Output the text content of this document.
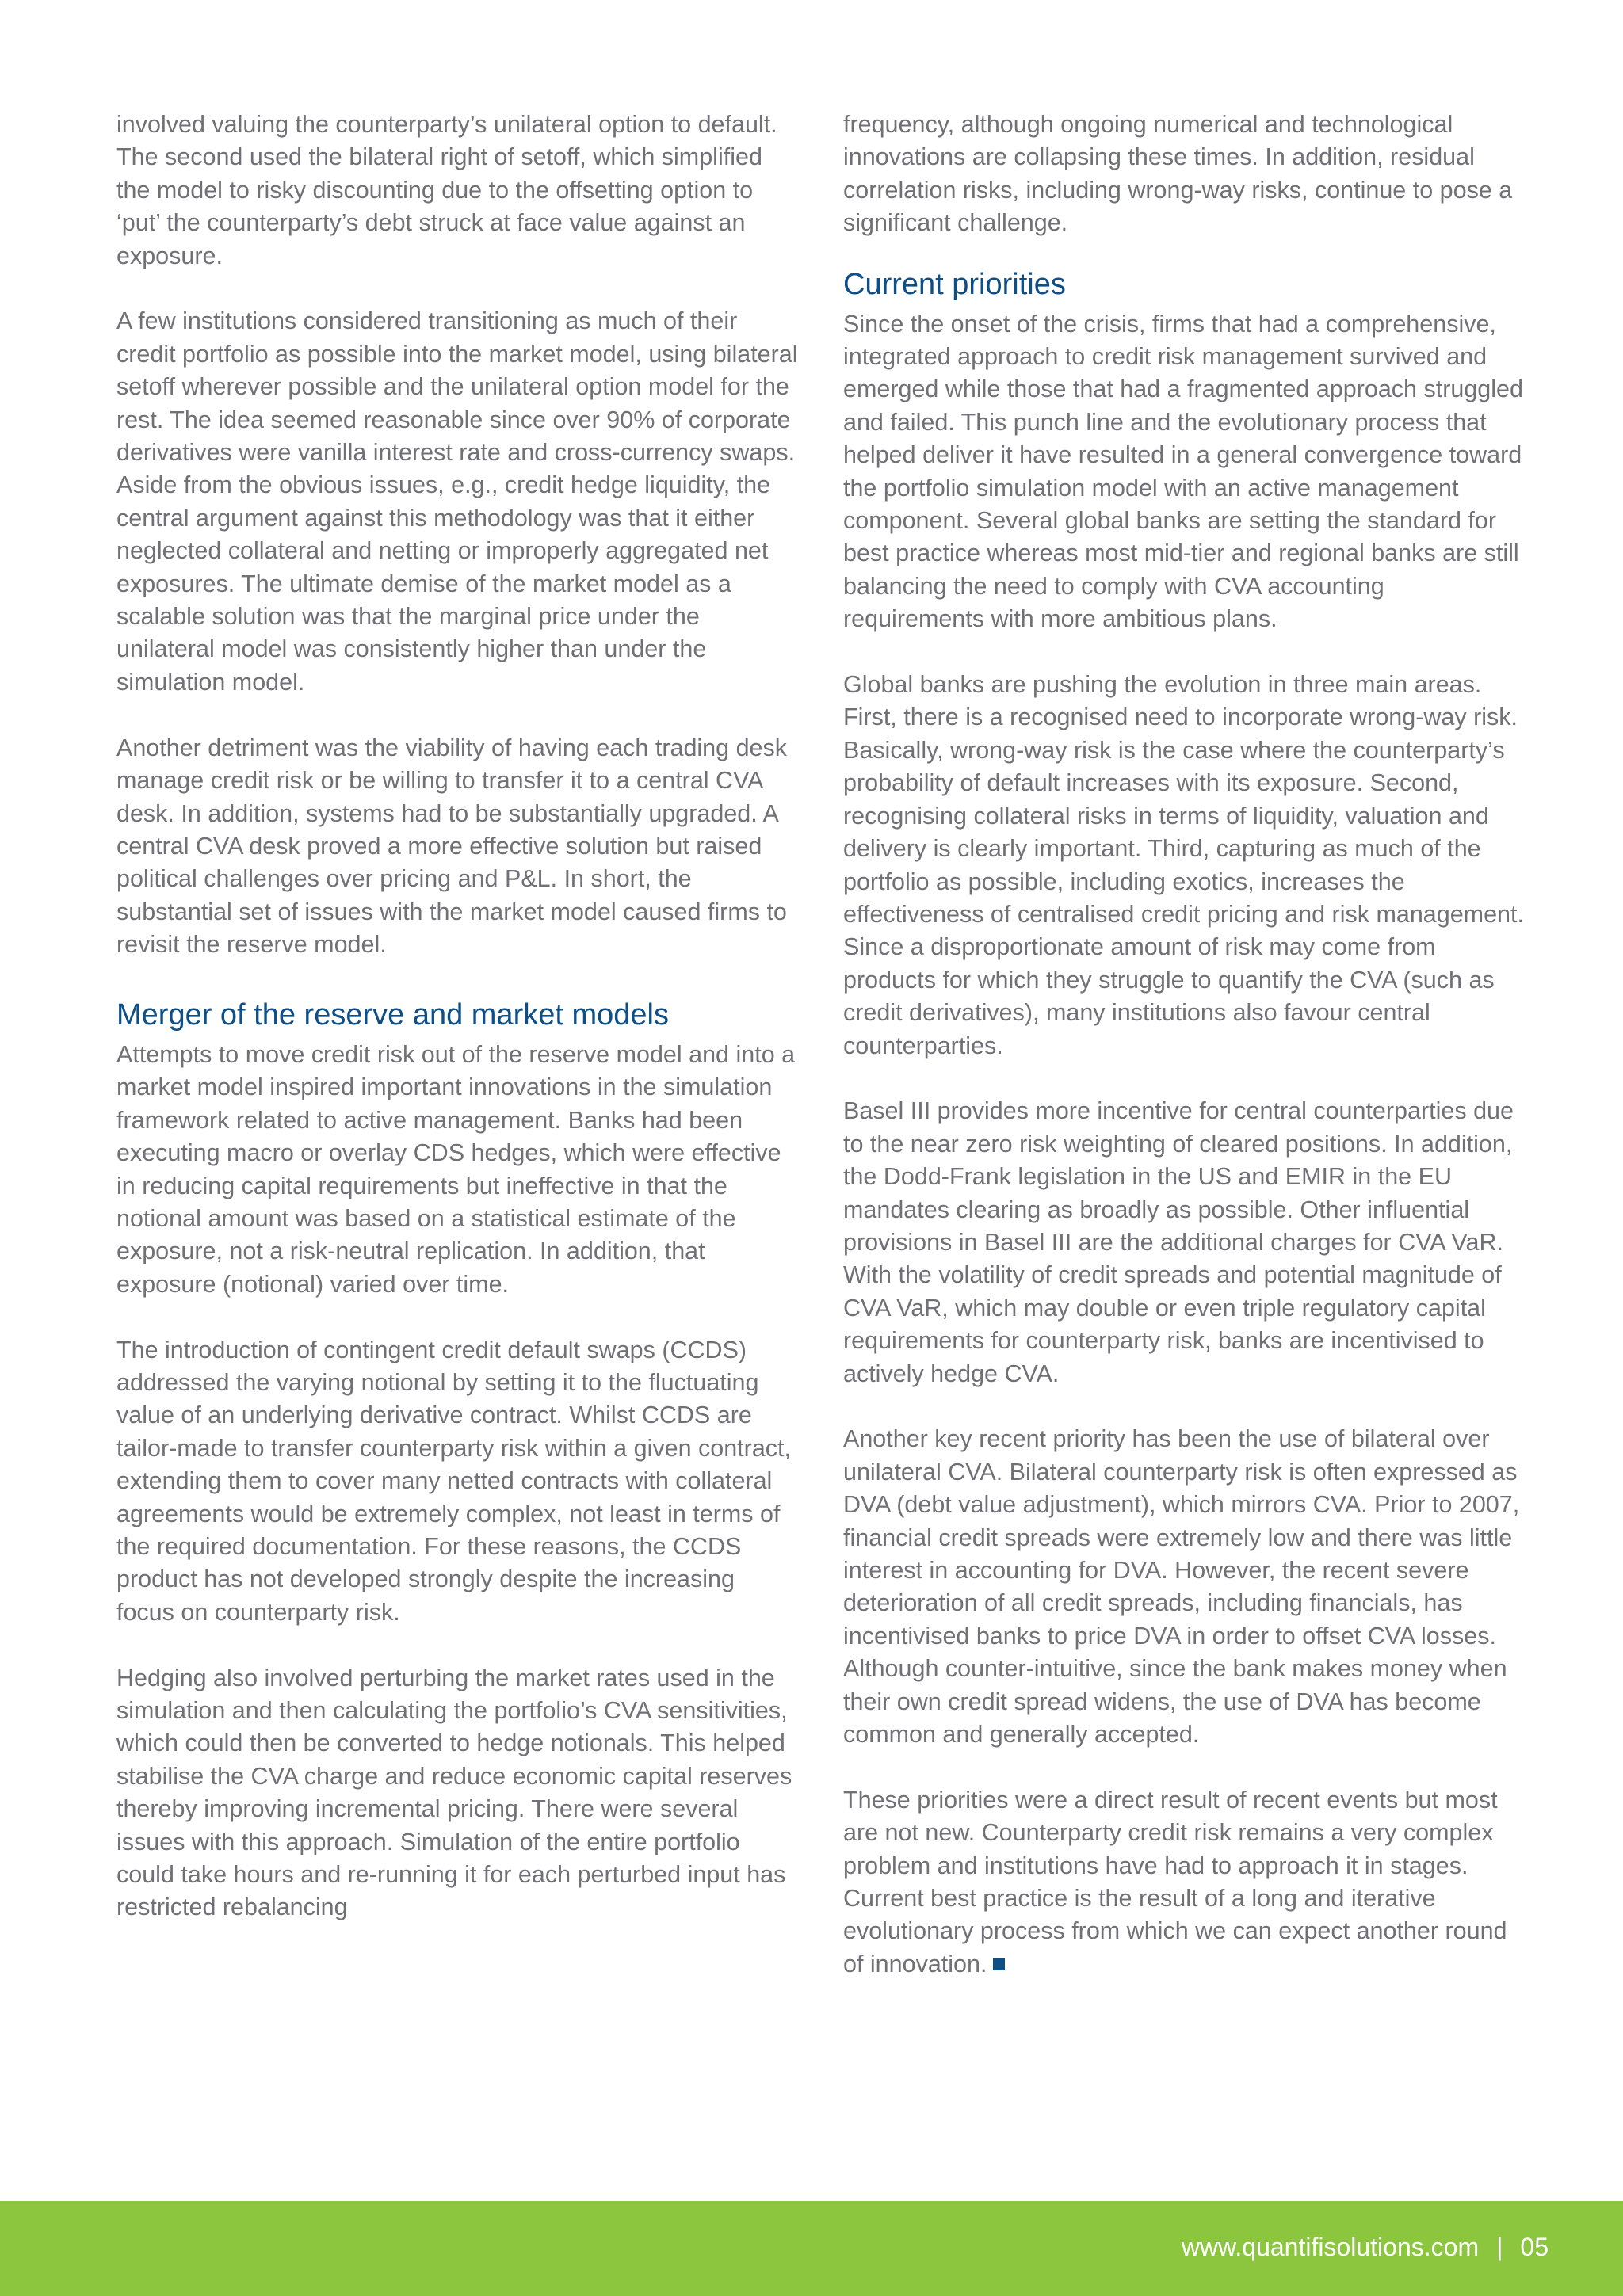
involved valuing the counterparty’s unilateral option to default. The second used the bilateral right of setoff, which simplified the model to risky discounting due to the offsetting option to ‘put’ the counterparty’s debt struck at face value against an exposure.

A few institutions considered transitioning as much of their credit portfolio as possible into the market model, using bilateral setoff wherever possible and the unilateral option model for the rest. The idea seemed reasonable since over 90% of corporate derivatives were vanilla interest rate and cross-currency swaps. Aside from the obvious issues, e.g., credit hedge liquidity, the central argument against this methodology was that it either neglected collateral and netting or improperly aggregated net exposures. The ultimate demise of the market model as a scalable solution was that the marginal price under the unilateral model was consistently higher than under the simulation model.

Another detriment was the viability of having each trading desk manage credit risk or be willing to transfer it to a central CVA desk. In addition, systems had to be substantially upgraded. A central CVA desk proved a more effective solution but raised political challenges over pricing and P&L. In short, the substantial set of issues with the market model caused firms to revisit the reserve model.

Merger of the reserve and market models

Attempts to move credit risk out of the reserve model and into a market model inspired important innovations in the simulation framework related to active management. Banks had been executing macro or overlay CDS hedges, which were effective in reducing capital requirements but ineffective in that the notional amount was based on a statistical estimate of the exposure, not a risk-neutral replication. In addition, that exposure (notional) varied over time.

The introduction of contingent credit default swaps (CCDS) addressed the varying notional by setting it to the fluctuating value of an underlying derivative contract. Whilst CCDS are tailor-made to transfer counterparty risk within a given contract, extending them to cover many netted contracts with collateral agreements would be extremely complex, not least in terms of the required documentation. For these reasons, the CCDS product has not developed strongly despite the increasing focus on counterparty risk.

Hedging also involved perturbing the market rates used in the simulation and then calculating the portfolio’s CVA sensitivities, which could then be converted to hedge notionals. This helped stabilise the CVA charge and reduce economic capital reserves thereby improving incremental pricing. There were several issues with this approach. Simulation of the entire portfolio could take hours and re-running it for each perturbed input has restricted rebalancing

frequency, although ongoing numerical and technological innovations are collapsing these times. In addition, residual correlation risks, including wrong-way risks, continue to pose a significant challenge.

Current priorities

Since the onset of the crisis, firms that had a comprehensive, integrated approach to credit risk management survived and emerged while those that had a fragmented approach struggled and failed. This punch line and the evolutionary process that helped deliver it have resulted in a general convergence toward the portfolio simulation model with an active management component. Several global banks are setting the standard for best practice whereas most mid-tier and regional banks are still balancing the need to comply with CVA accounting requirements with more ambitious plans.

Global banks are pushing the evolution in three main areas. First, there is a recognised need to incorporate wrong-way risk. Basically, wrong-way risk is the case where the counterparty’s probability of default increases with its exposure. Second, recognising collateral risks in terms of liquidity, valuation and delivery is clearly important. Third, capturing as much of the portfolio as possible, including exotics, increases the effectiveness of centralised credit pricing and risk management. Since a disproportionate amount of risk may come from products for which they struggle to quantify the CVA (such as credit derivatives), many institutions also favour central counterparties.

Basel III provides more incentive for central counterparties due to the near zero risk weighting of cleared positions. In addition, the Dodd-Frank legislation in the US and EMIR in the EU mandates clearing as broadly as possible. Other influential provisions in Basel III are the additional charges for CVA VaR. With the volatility of credit spreads and potential magnitude of CVA VaR, which may double or even triple regulatory capital requirements for counterparty risk, banks are incentivised to actively hedge CVA.

Another key recent priority has been the use of bilateral over unilateral CVA. Bilateral counterparty risk is often expressed as DVA (debt value adjustment), which mirrors CVA. Prior to 2007, financial credit spreads were extremely low and there was little interest in accounting for DVA. However, the recent severe deterioration of all credit spreads, including financials, has incentivised banks to price DVA in order to offset CVA losses. Although counter-intuitive, since the bank makes money when their own credit spread widens, the use of DVA has become common and generally accepted.

These priorities were a direct result of recent events but most are not new. Counterparty credit risk remains a very complex problem and institutions have had to approach it in stages. Current best practice is the result of a long and iterative evolutionary process from which we can expect another round of innovation.

www.quantifisolutions.com | 05
